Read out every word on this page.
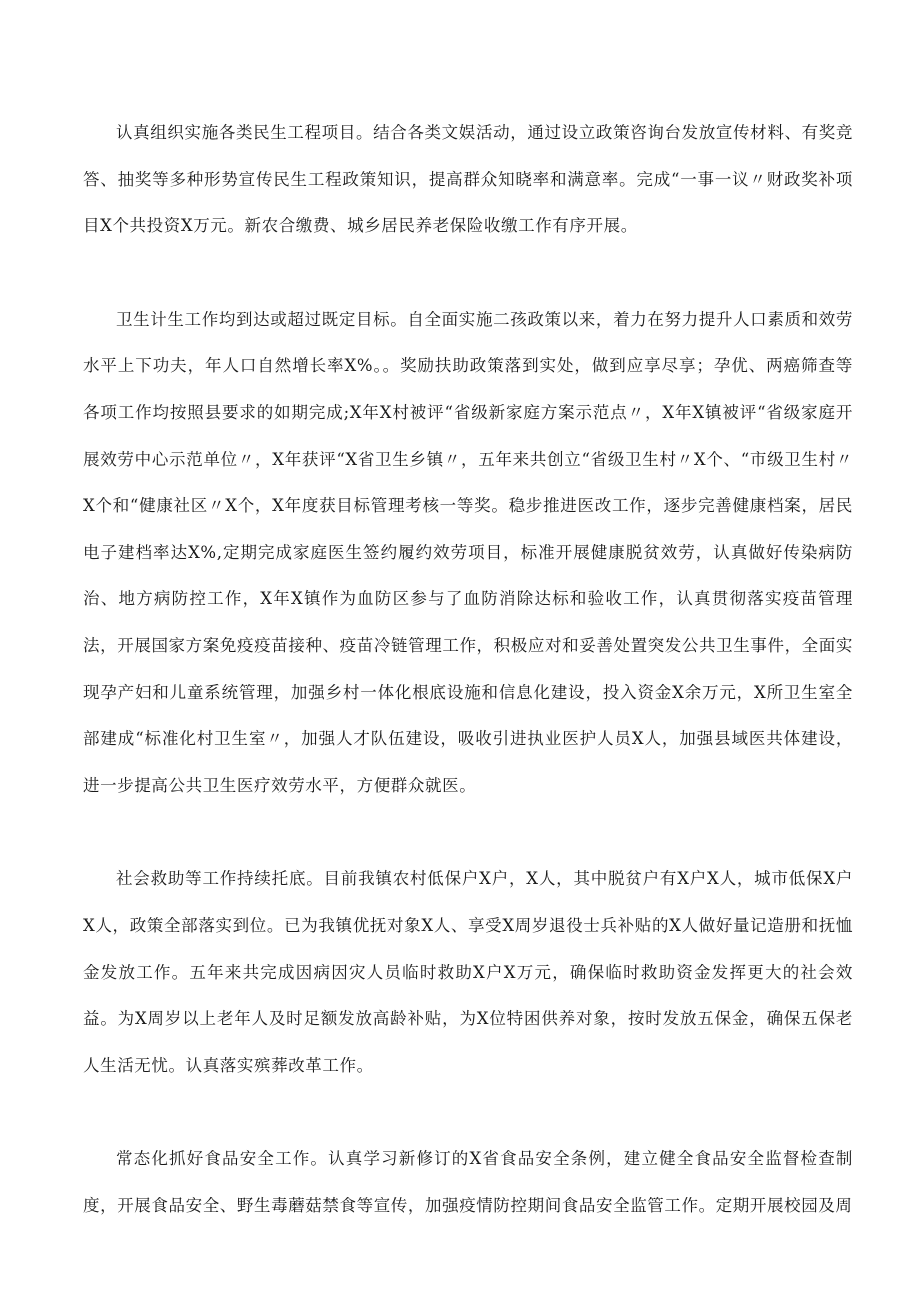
认真组织实施各类民生工程项目。结合各类文娱活动，通过设立政策咨询台发放宣传材料、有奖竞答、抽奖等多种形势宣传民生工程政策知识，提高群众知晓率和满意率。完成“一事一议〃财政奖补项目X个共投资X万元。新农合缴费、城乡居民养老保险收缴工作有序开展。

卫生计生工作均到达或超过既定目标。自全面实施二孩政策以来，着力在努力提升人口素质和效劳水平上下功夫，年人口自然增长率X%。。奖励扶助政策落到实处，做到应享尽享；孕优、两癌筛查等各项工作均按照县要求的如期完成;X年X村被评“省级新家庭方案示范点〃，X年X镇被评“省级家庭开展效劳中心示范单位〃，X年获评“X省卫生乡镇〃，五年来共创立“省级卫生村〃X个、“市级卫生村〃X个和“健康社区〃X个，X年度获目标管理考核一等奖。稳步推进医改工作，逐步完善健康档案，居民电子建档率达X%,定期完成家庭医生签约履约效劳项目，标准开展健康脱贫效劳，认真做好传染病防治、地方病防控工作，X年X镇作为血防区参与了血防消除达标和验收工作，认真贯彻落实疫苗管理法，开展国家方案免疫疫苗接种、疫苗冷链管理工作，积极应对和妥善处置突发公共卫生事件，全面实现孕产妇和儿童系统管理，加强乡村一体化根底设施和信息化建设，投入资金X余万元，X所卫生室全部建成“标准化村卫生室〃，加强人才队伍建设，吸收引进执业医护人员X人，加强县域医共体建设，进一步提高公共卫生医疗效劳水平，方便群众就医。

社会救助等工作持续托底。目前我镇农村低保户X户，X人，其中脱贫户有X户X人，城市低保X户X人，政策全部落实到位。已为我镇优抚对象X人、享受X周岁退役士兵补贴的X人做好量记造册和抚恤金发放工作。五年来共完成因病因灾人员临时救助X户X万元，确保临时救助资金发挥更大的社会效益。为X周岁以上老年人及时足额发放高龄补贴，为X位特困供养对象，按时发放五保金，确保五保老人生活无忧。认真落实殡葬改革工作。

常态化抓好食品安全工作。认真学习新修订的X省食品安全条例，建立健全食品安全监督检查制度，开展食品安全、野生毒蘑菇禁食等宣传，加强疫情防控期间食品安全监管工作。定期开展校园及周
